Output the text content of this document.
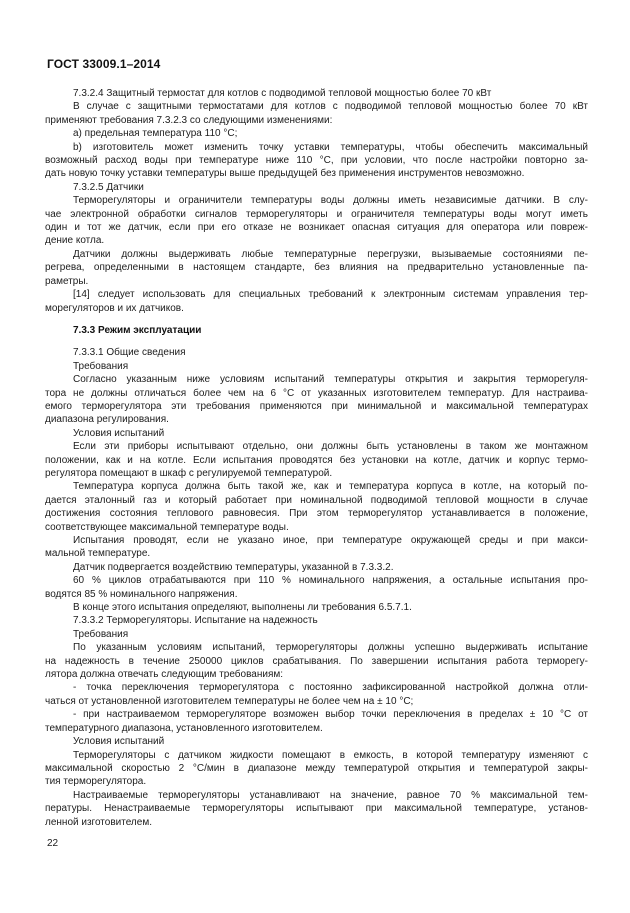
ГОСТ 33009.1–2014
7.3.2.4 Защитный термостат для котлов с подводимой тепловой мощностью более 70 кВт
В случае с защитными термостатами для котлов с подводимой тепловой мощностью более 70 кВт
применяют требования 7.3.2.3 со следующими изменениями:
a) предельная температура 110 °С;
b) изготовитель может изменить точку уставки температуры, чтобы обеспечить максимальный
возможный расход воды при температуре ниже 110 °С, при условии, что после настройки повторно за-
дать новую точку уставки температуры выше предыдущей без применения инструментов невозможно.
7.3.2.5 Датчики
Терморегуляторы и ограничители температуры воды должны иметь независимые датчики. В слу-
чае электронной обработки сигналов терморегуляторы и ограничителя температуры воды могут иметь
один и тот же датчик, если при его отказе не возникает опасная ситуация для оператора или повреж-
дение котла.
Датчики должны выдерживать любые температурные перегрузки, вызываемые состояниями пе-
регрева, определенными в настоящем стандарте, без влияния на предварительно установленные па-
раметры.
[14] следует использовать для специальных требований к электронным системам управления тер-
морегуляторов и их датчиков.
7.3.3 Режим эксплуатации
7.3.3.1 Общие сведения
Требования
Согласно указанным ниже условиям испытаний температуры открытия и закрытия терморегуля-
тора не должны отличаться более чем на 6 °С от указанных изготовителем температур. Для настраива-
емого терморегулятора эти требования применяются при минимальной и максимальной температурах
диапазона регулирования.
Условия испытаний
Если эти приборы испытывают отдельно, они должны быть установлены в таком же монтажном
положении, как и на котле. Если испытания проводятся без установки на котле, датчик и корпус термо-
регулятора помещают в шкаф с регулируемой температурой.
Температура корпуса должна быть такой же, как и температура корпуса в котле, на который по-
дается эталонный газ и который работает при номинальной подводимой тепловой мощности в случае
достижения состояния теплового равновесия. При этом терморегулятор устанавливается в положение,
соответствующее максимальной температуре воды.
Испытания проводят, если не указано иное, при температуре окружающей среды и при макси-
мальной температуре.
Датчик подвергается воздействию температуры, указанной в 7.3.3.2.
60 % циклов отрабатываются при 110 % номинального напряжения, а остальные испытания про-
водятся 85 % номинального напряжения.
В конце этого испытания определяют, выполнены ли требования 6.5.7.1.
7.3.3.2 Терморегуляторы. Испытание на надежность
Требования
По указанным условиям испытаний, терморегуляторы должны успешно выдерживать испытание
на надежность в течение 250000 циклов срабатывания. По завершении испытания работа терморегу-
лятора должна отвечать следующим требованиям:
- точка переключения терморегулятора с постоянно зафиксированной настройкой должна отли-
чаться от установленной изготовителем температуры не более чем на ± 10 °С;
- при настраиваемом терморегуляторе возможен выбор точки переключения в пределах ± 10 °С от
температурного диапазона, установленного изготовителем.
Условия испытаний
Терморегуляторы с датчиком жидкости помещают в емкость, в которой температуру изменяют с
максимальной скоростью 2 °С/мин в диапазоне между температурой открытия и температурой закры-
тия терморегулятора.
Настраиваемые терморегуляторы устанавливают на значение, равное 70 % максимальной тем-
пературы. Ненастраиваемые терморегуляторы испытывают при максимальной температуре, установ-
ленной изготовителем.
22
